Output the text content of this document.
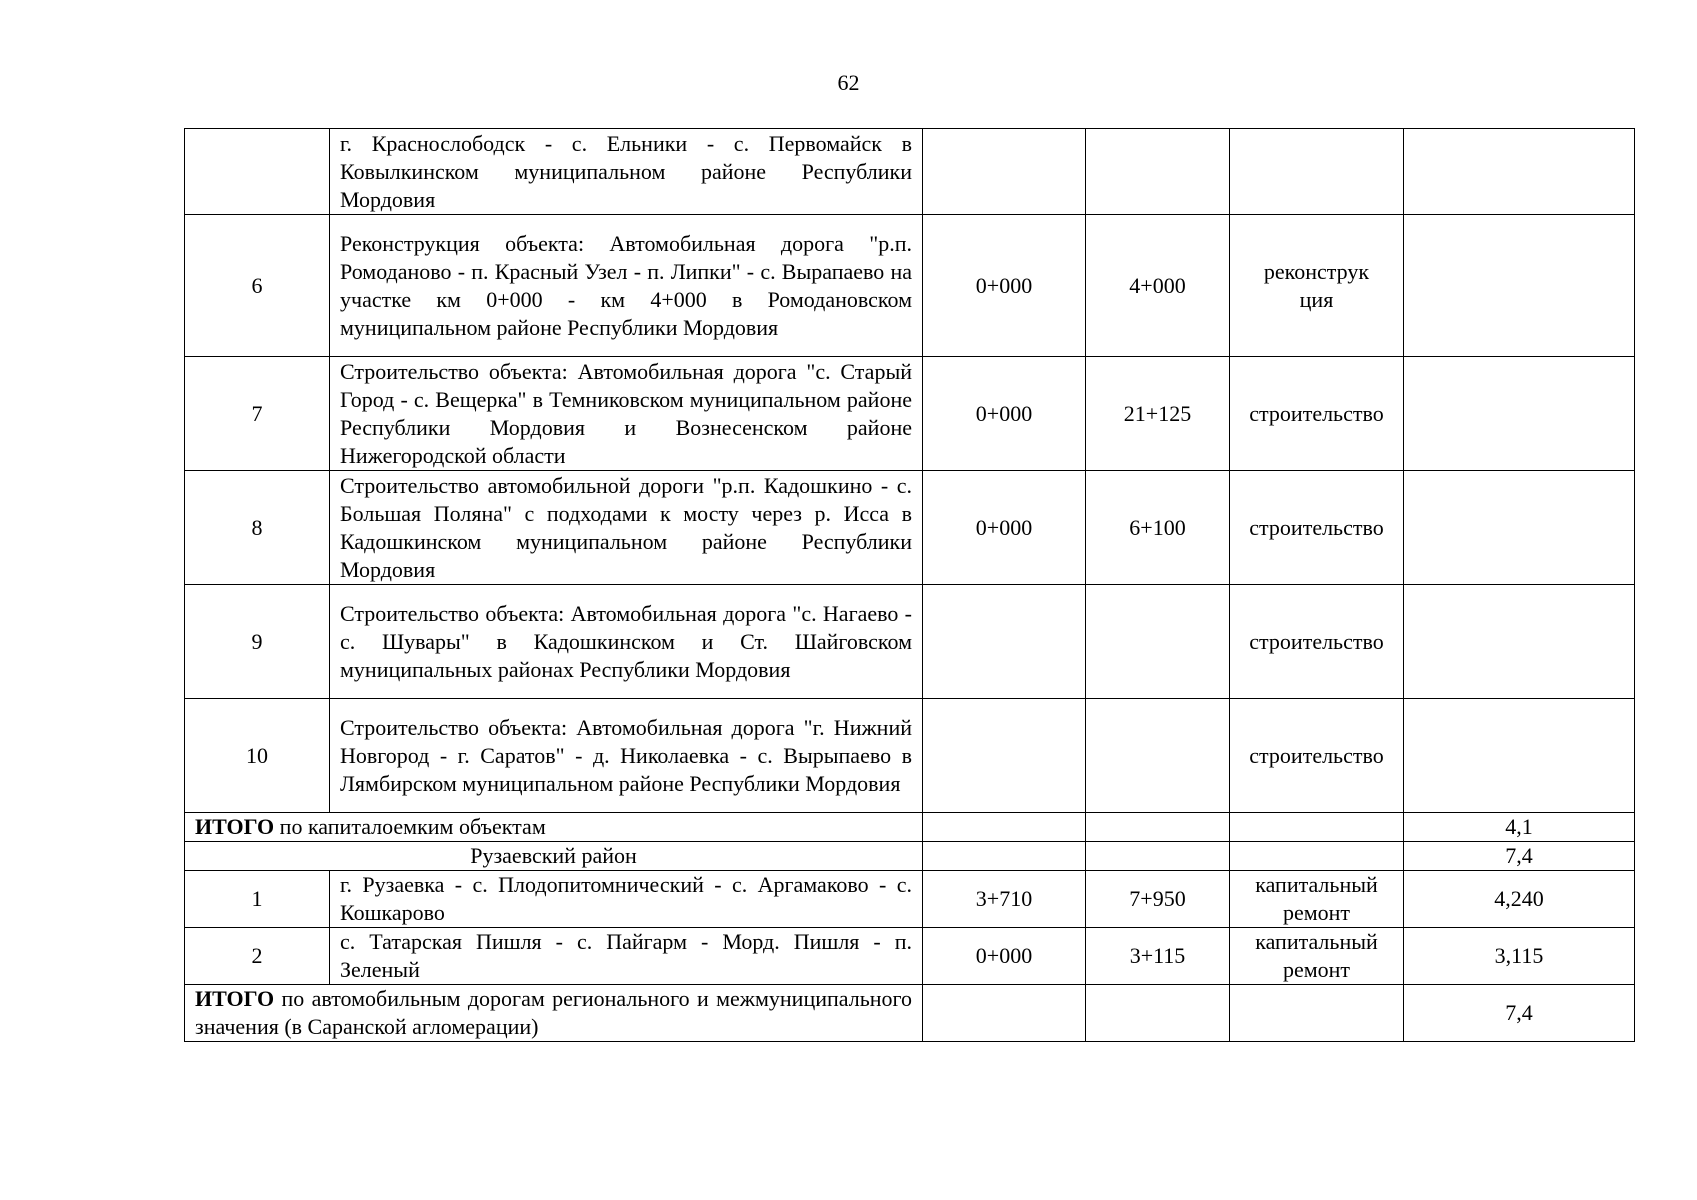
62
	г. Краснослободск - с. Ельники - с. Первомайск в Ковылкинском муниципальном районе Республики Мордовия				
6	Реконструкция объекта: Автомобильная дорога "р.п. Ромоданово - п. Красный Узел - п. Липки" - с. Вырапаево на участке км 0+000 - км 4+000 в Ромодановском муниципальном районе Республики Мордовия	0+000	4+000	реконструк ция	
7	Строительство объекта: Автомобильная дорога "с. Старый Город - с. Вещерка" в Темниковском муниципальном районе Республики Мордовия и Вознесенском районе Нижегородской области	0+000	21+125	строительство	
8	Строительство автомобильной дороги "р.п. Кадошкино - с. Большая Поляна" с подходами к мосту через р. Исса в Кадошкинском муниципальном районе Республики Мордовия	0+000	6+100	строительство	
9	Строительство объекта: Автомобильная дорога "с. Нагаево - с. Шувары" в Кадошкинском и Ст. Шайговском муниципальных районах Республики Мордовия			строительство	
10	Строительство объекта: Автомобильная дорога "г. Нижний Новгород - г. Саратов" - д. Николаевка - с. Вырыпаево в Лямбирском муниципальном районе Республики Мордовия			строительство	
ИТОГО по капиталоемким объектам					4,1
Рузаевский район					7,4
1	г. Рузаевка - с. Плодопитомнический - с. Аргамаково - с. Кошкарово	3+710	7+950	капитальный ремонт	4,240
2	с. Татарская Пишля - с. Пайгарм - Морд. Пишля - п. Зеленый	0+000	3+115	капитальный ремонт	3,115
ИТОГО по автомобильным дорогам регионального и межмуниципального значения (в Саранской агломерации)					7,4
